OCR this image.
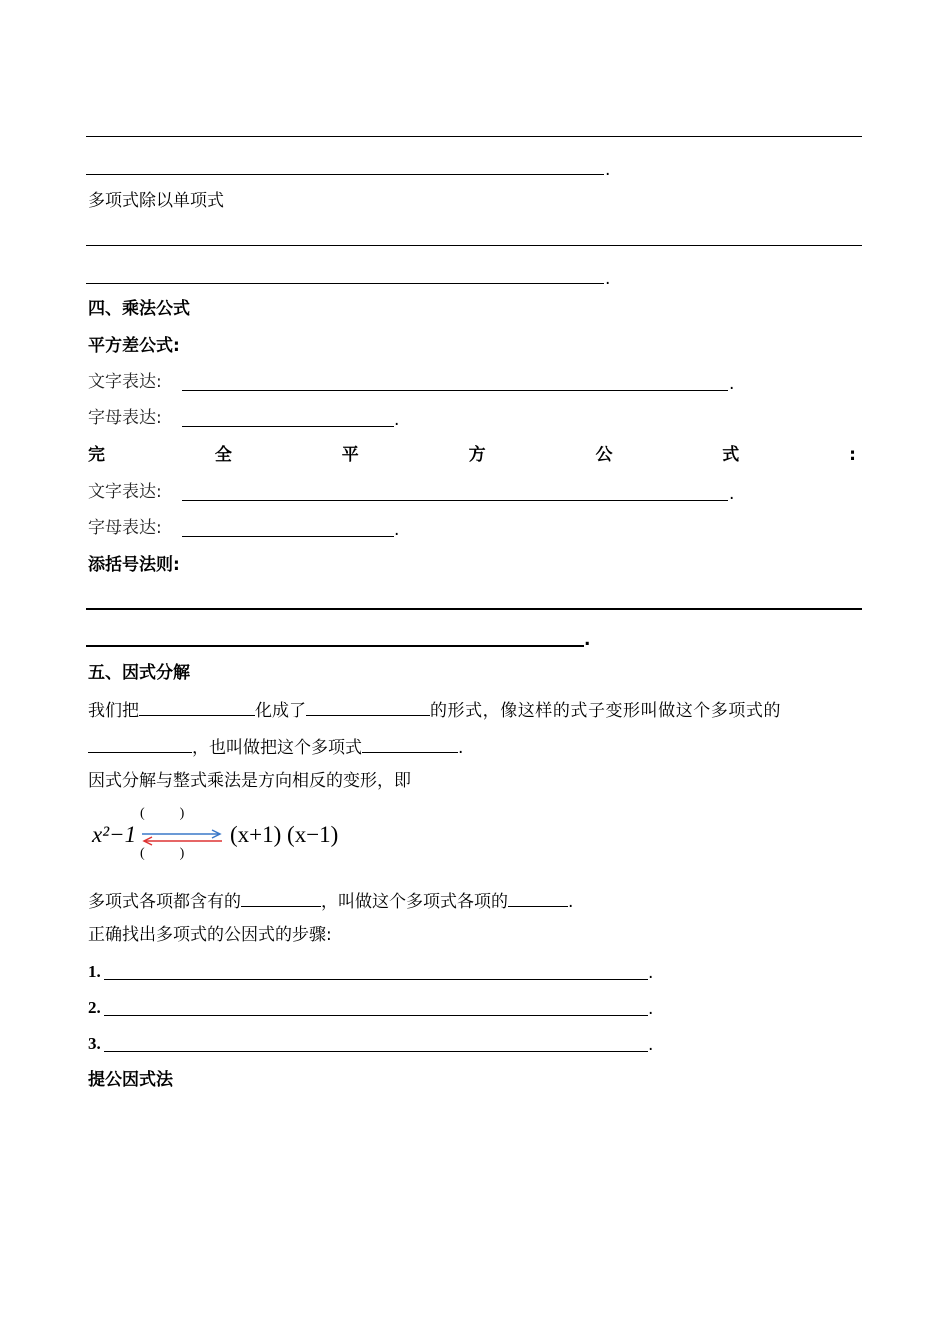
.
多项式除以单项式
.
四、乘法公式
平方差公式:
文字表达:	.
字母表达:	.
完	全	平	方	公	式	:
文字表达:	.
字母表达:	.
添括号法则:
.
五、因式分解
我们把	化成了	的形式，像这样的式子变形叫做这个多项式的
，也叫做把这个多项式	.
因式分解与整式乘法是方向相反的变形，即
x²−1
(          )
(          )
(x+1) (x−1)
多项式各项都含有的	，叫做这个多项式各项的	.
正确找出多项式的公因式的步骤:
1.	.
2.	.
3.	.
提公因式法
